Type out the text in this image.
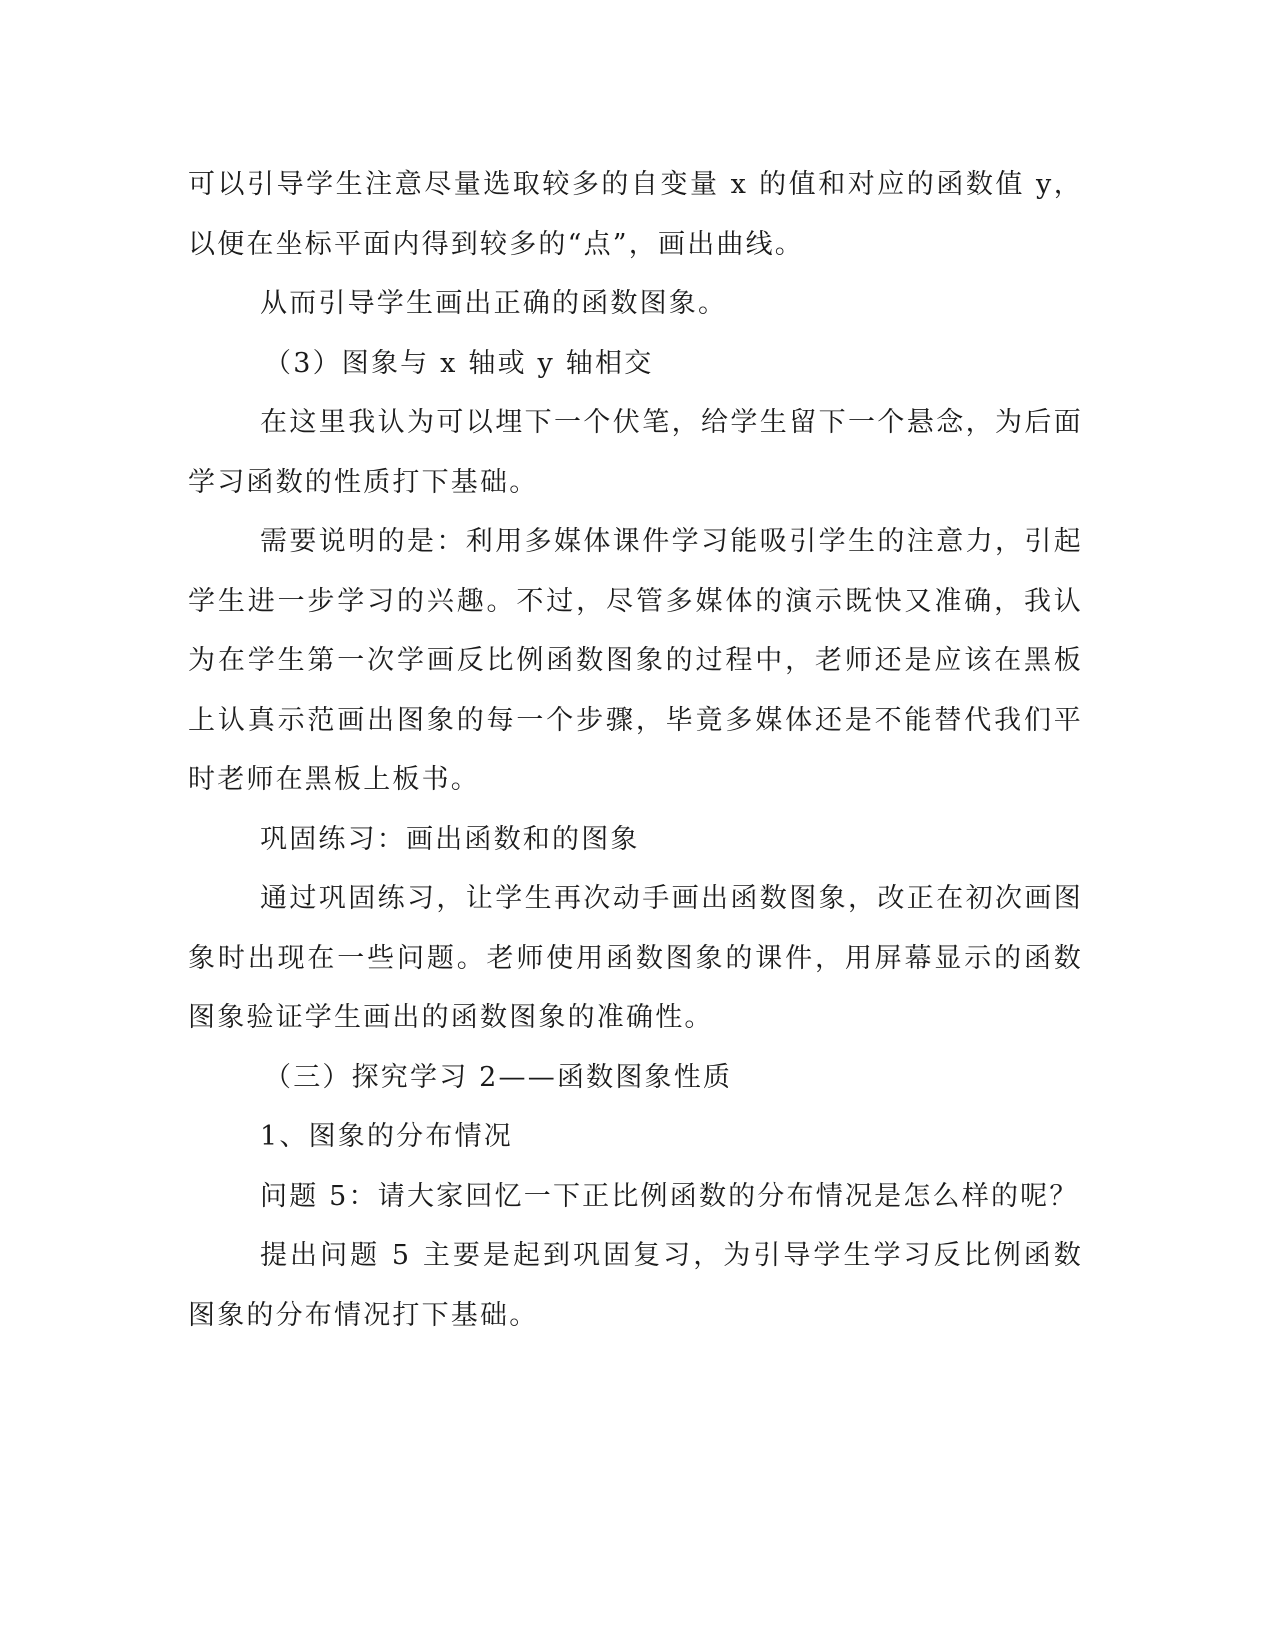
可以引导学生注意尽量选取较多的自变量 x 的值和对应的函数值 y，以便在坐标平面内得到较多的“点”，画出曲线。

从而引导学生画出正确的函数图象。

（3）图象与 x 轴或 y 轴相交

在这里我认为可以埋下一个伏笔，给学生留下一个悬念，为后面学习函数的性质打下基础。

需要说明的是：利用多媒体课件学习能吸引学生的注意力，引起学生进一步学习的兴趣。不过，尽管多媒体的演示既快又准确，我认为在学生第一次学画反比例函数图象的过程中，老师还是应该在黑板上认真示范画出图象的每一个步骤，毕竟多媒体还是不能替代我们平时老师在黑板上板书。

巩固练习：画出函数和的图象

通过巩固练习，让学生再次动手画出函数图象，改正在初次画图象时出现在一些问题。老师使用函数图象的课件，用屏幕显示的函数图象验证学生画出的函数图象的准确性。

（三）探究学习 2——函数图象性质

1、图象的分布情况

问题 5：请大家回忆一下正比例函数的分布情况是怎么样的呢？

提出问题 5 主要是起到巩固复习，为引导学生学习反比例函数图象的分布情况打下基础。
